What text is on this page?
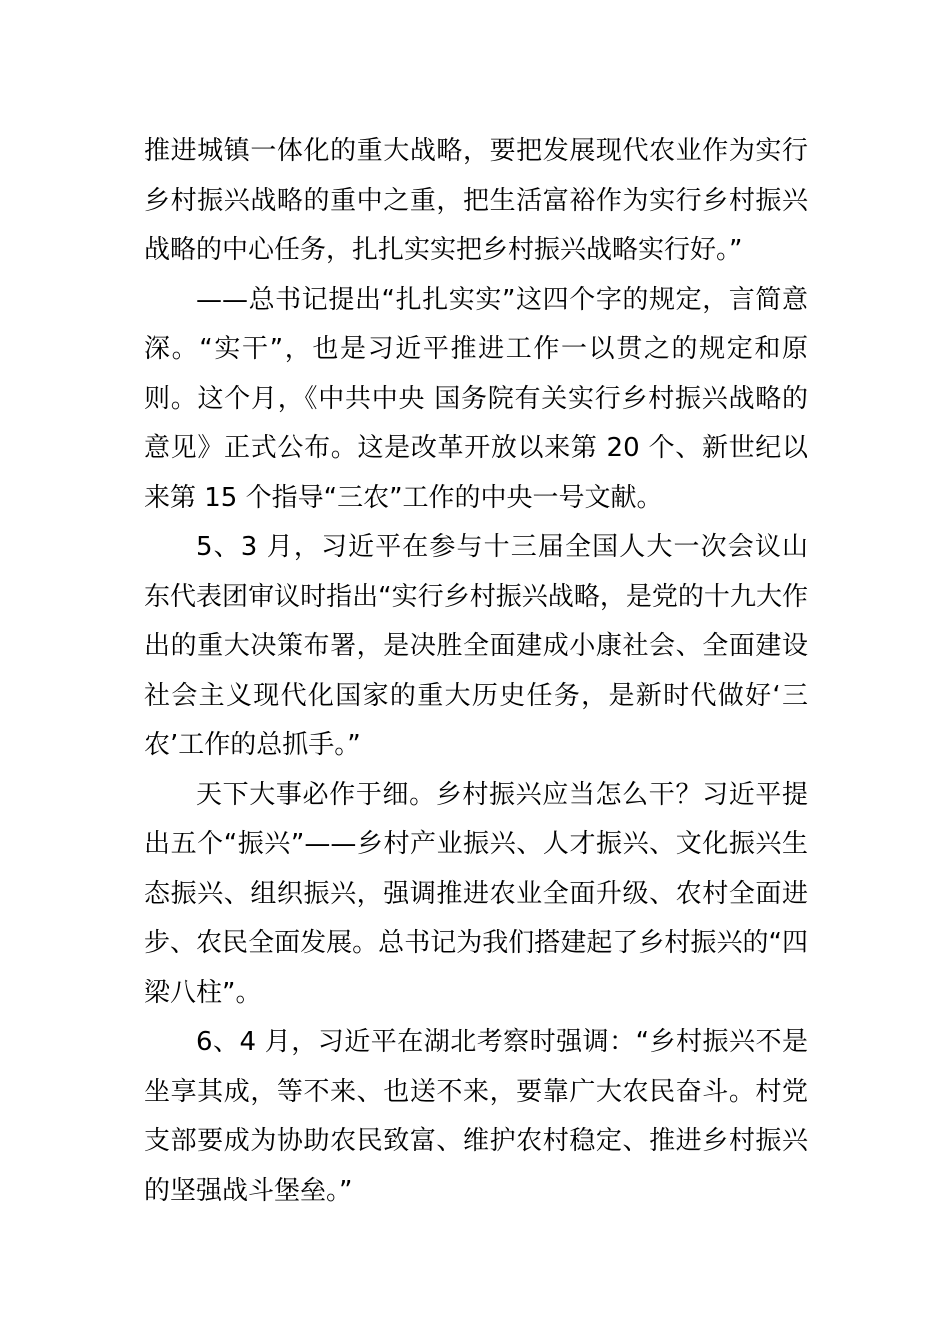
推进城镇一体化的重大战略，要把发展现代农业作为实行乡村振兴战略的重中之重，把生活富裕作为实行乡村振兴战略的中心任务，扎扎实实把乡村振兴战略实行好。”

——总书记提出“扎扎实实”这四个字的规定，言简意深。“实干”，也是习近平推进工作一以贯之的规定和原则。这个月，《中共中央 国务院有关实行乡村振兴战略的意见》正式公布。这是改革开放以来第 20 个、新世纪以来第 15 个指导“三农”工作的中央一号文献。

5、3 月，习近平在参与十三届全国人大一次会议山东代表团审议时指出“实行乡村振兴战略，是党的十九大作出的重大决策布署，是决胜全面建成小康社会、全面建设社会主义现代化国家的重大历史任务，是新时代做好‘三农’工作的总抓手。”

天下大事必作于细。乡村振兴应当怎么干？习近平提出五个“振兴”——乡村产业振兴、人才振兴、文化振兴生态振兴、组织振兴，强调推进农业全面升级、农村全面进步、农民全面发展。总书记为我们搭建起了乡村振兴的“四梁八柱”。

6、4 月，习近平在湖北考察时强调：“乡村振兴不是坐享其成，等不来、也送不来，要靠广大农民奋斗。村党支部要成为协助农民致富、维护农村稳定、推进乡村振兴的坚强战斗堡垒。”
